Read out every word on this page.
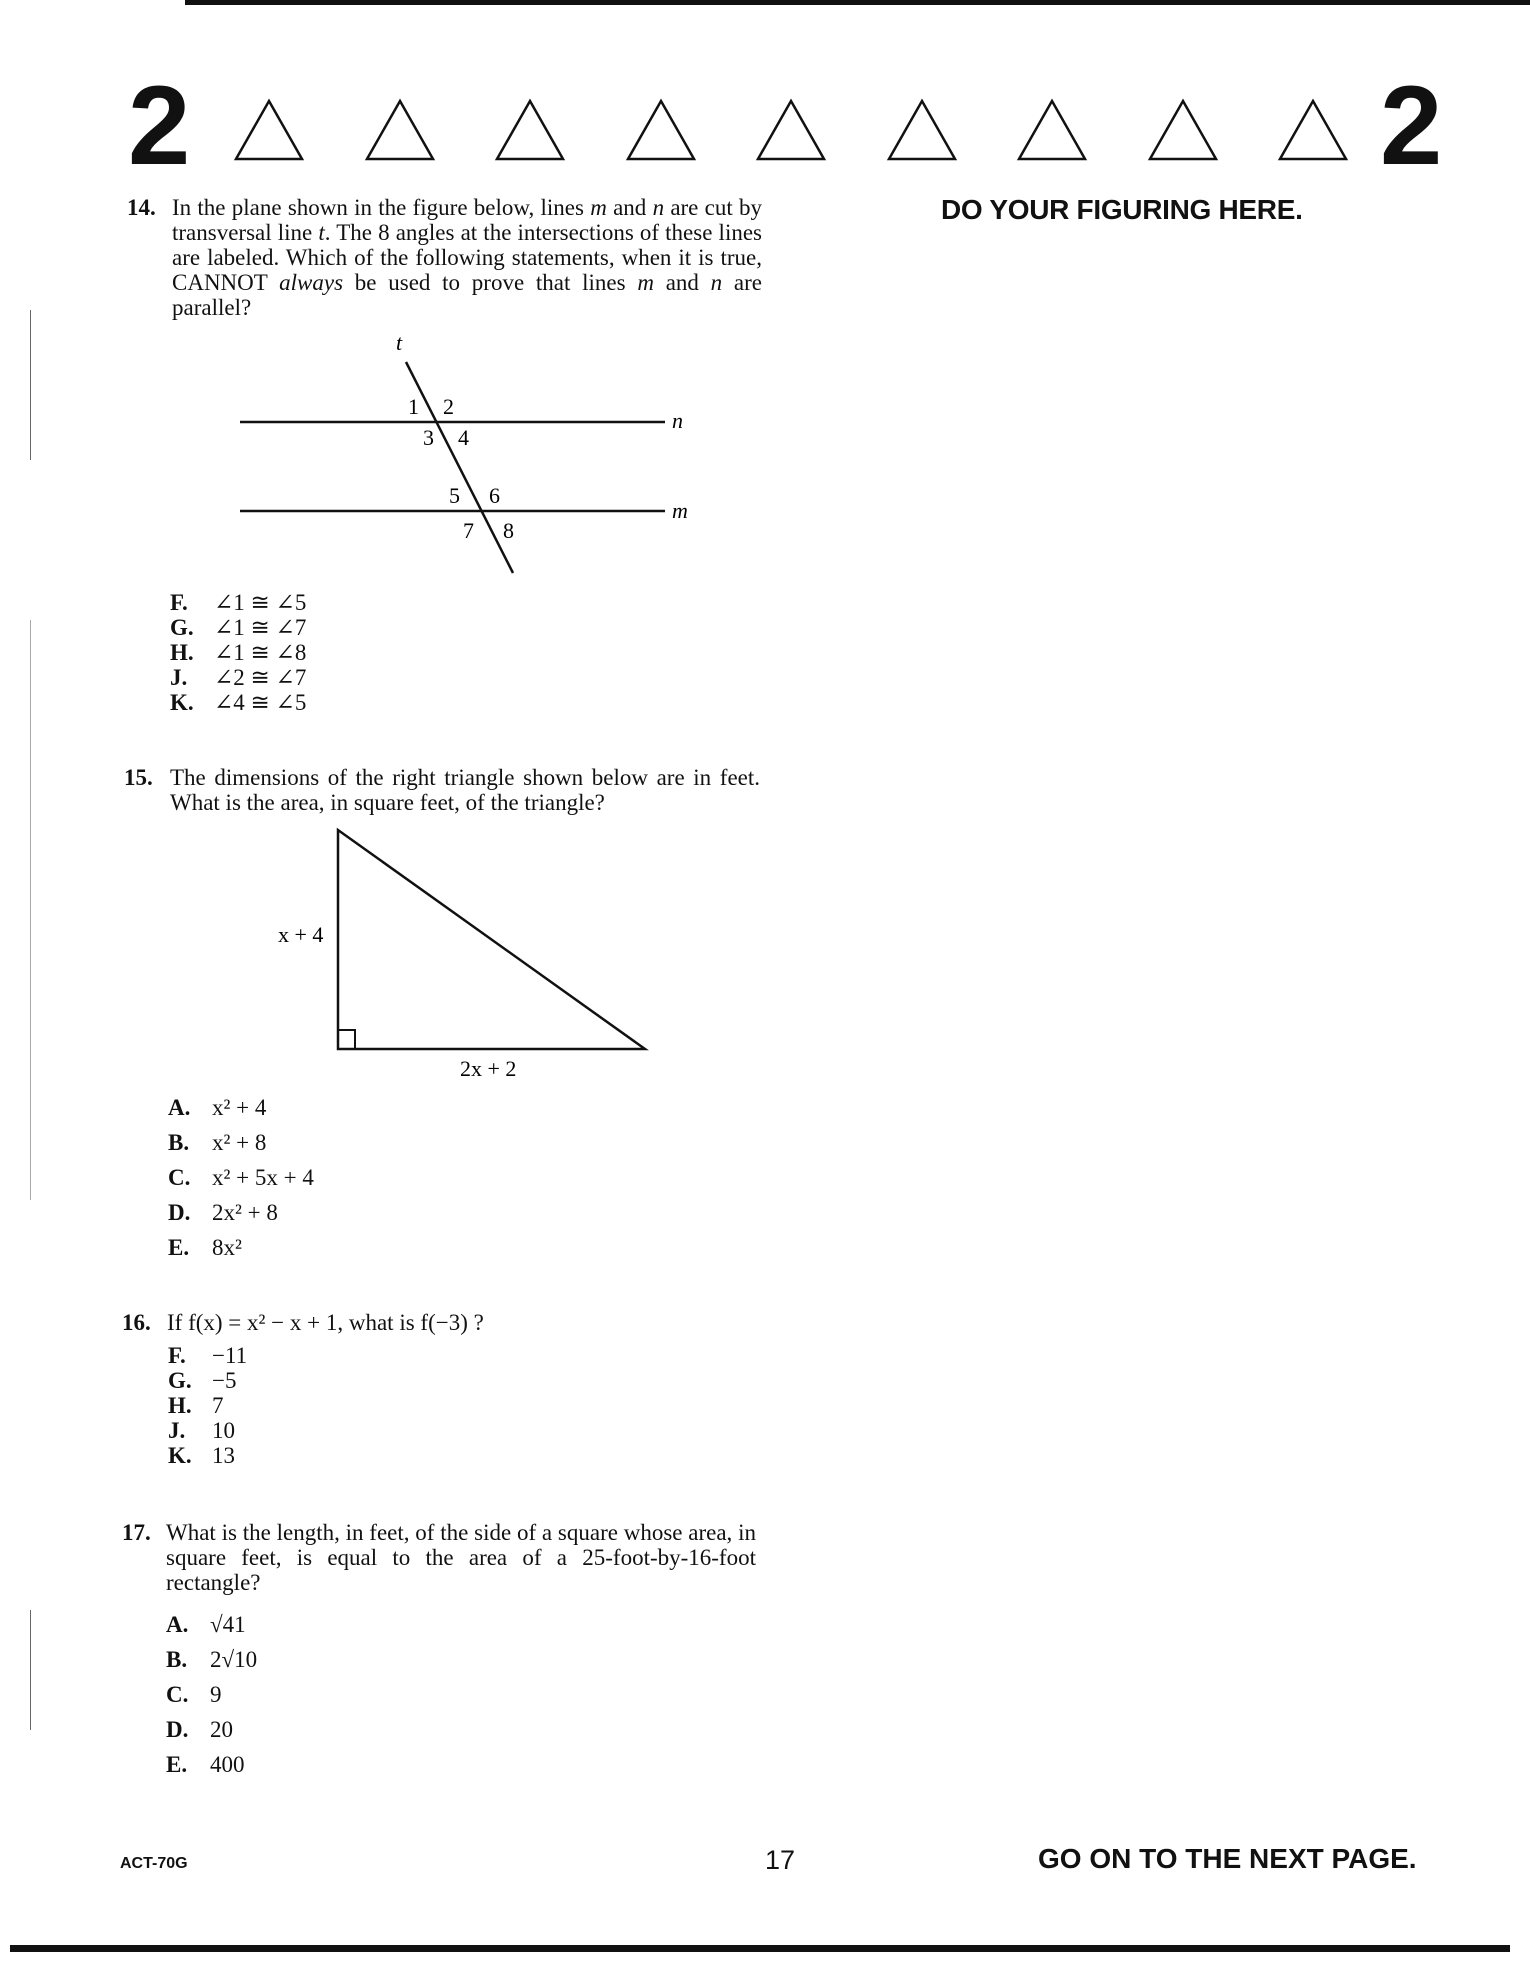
2	2
DO YOUR FIGURING HERE.
14. In the plane shown in the figure below, lines m and n are cut by transversal line t. The 8 angles at the intersections of these lines are labeled. Which of the following statements, when it is true, CANNOT always be used to prove that lines m and n are parallel?
t
n
m
1 2
3 4
5 6
7 8
x + 4
2x + 2
F. ∠1 ≅ ∠5
G. ∠1 ≅ ∠7
H. ∠1 ≅ ∠8
J. ∠2 ≅ ∠7
K. ∠4 ≅ ∠5
15. The dimensions of the right triangle shown below are in feet. What is the area, in square feet, of the triangle?
A. x² + 4
B. x² + 8
C. x² + 5x + 4
D. 2x² + 8
E. 8x²
16. If f(x) = x² − x + 1, what is f(−3) ?
F. −11
G. −5
H. 7
J. 10
K. 13
17. What is the length, in feet, of the side of a square whose area, in square feet, is equal to the area of a 25-foot-by-16-foot rectangle?
A. √41
B. 2√10
C. 9
D. 20
E. 400
ACT-70G	17	GO ON TO THE NEXT PAGE.
